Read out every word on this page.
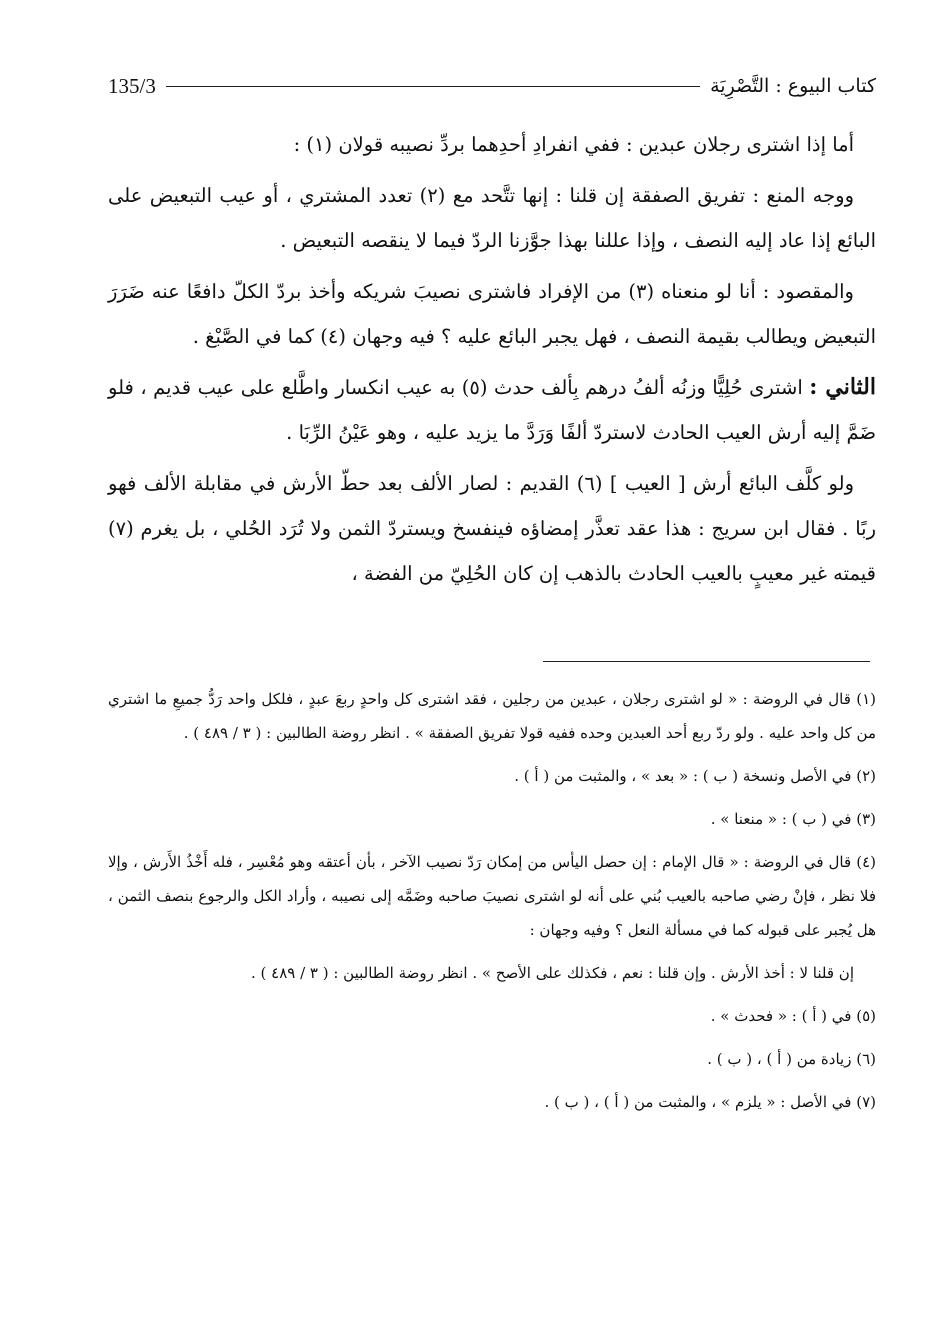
كتاب البيوع : التَّصْرِيَة
135/3

أما إذا اشترى رجلان عبدين : ففي انفرادِ أحدِهما بردِّ نصيبه قولان (١) :

ووجه المنع : تفريق الصفقة إن قلنا : إنها تتَّحد مع (٢) تعدد المشتري ، أو عيب التبعيض على البائع إذا عاد إليه النصف ، وإذا عللنا بهذا جوَّزنا الردّ فيما لا ينقصه التبعيض .

والمقصود : أنا لو منعناه (٣) من الإفراد فاشترى نصيبَ شريكه وأخذ بردّ الكلّ دافعًا عنه ضَرَرَ التبعيض ويطالب بقيمة النصف ، فهل يجبر البائع عليه ؟ فيه وجهان (٤) كما في الصَّبْغ .

الثاني : اشترى حُلِيًّا وزنُه ألفُ درهم بِألف حدث (٥) به عيب انكسار واطَّلع على عيب قديم ، فلو ضَمَّ إليه أرش العيب الحادث لاستردّ ألفًا وَرَدَّ ما يزيد عليه ، وهو عَيْنُ الرِّبَا .

ولو كلَّف البائع أرش [ العيب ] (٦) القديم : لصار الألف بعد حطّ الأرش في مقابلة الألف فهو ربًا . فقال ابن سريج : هذا عقد تعذَّر إمضاؤه فينفسخ ويستردّ الثمن ولا تُرَد الحُلي ، بل يغرم (٧) قيمته غير معيبٍ بالعيب الحادث بالذهب إن كان الحُلِيّ من الفضة ،

(١) قال في الروضة : « لو اشترى رجلان ، عبدين من رجلين ، فقد اشترى كل واحدٍ ربعَ عبدٍ ، فلكل واحد رَدُّ جميعِ ما اشتري من كل واحد عليه . ولو ردّ ربع أحد العبدين وحده ففيه قولا تفريق الصفقة » . انظر روضة الطالبين : ( ٣ / ٤٨٩ ) .

(٢) في الأصل ونسخة ( ب ) : « بعد » ، والمثبت من ( أ ) .

(٣) في ( ب ) : « منعنا » .

(٤) قال في الروضة : « قال الإمام : إن حصل اليأس من إمكان رَدّ نصيب الآخر ، بأن أعتقه وهو مُعْسِر ، فله أَخْذُ الأَرش ، وإلا فلا نظر ، فإنْ رضي صاحبه بالعيب بُني على أنه لو اشترى نصيبَ صاحبه وضَمَّه إلى نصيبه ، وأراد الكل والرجوع بنصف الثمن ، هل يُجبر على قبوله كما في مسألة النعل ؟ وفيه وجهان :

إن قلنا لا : أخذ الأرش . وإن قلنا : نعم ، فكذلك على الأصح » . انظر روضة الطالبين : ( ٣ / ٤٨٩ ) .

(٥) في ( أ ) : « فحدث » .

(٦) زيادة من ( أ ) ، ( ب ) .

(٧) في الأصل : « يلزم » ، والمثبت من ( أ ) ، ( ب ) .
